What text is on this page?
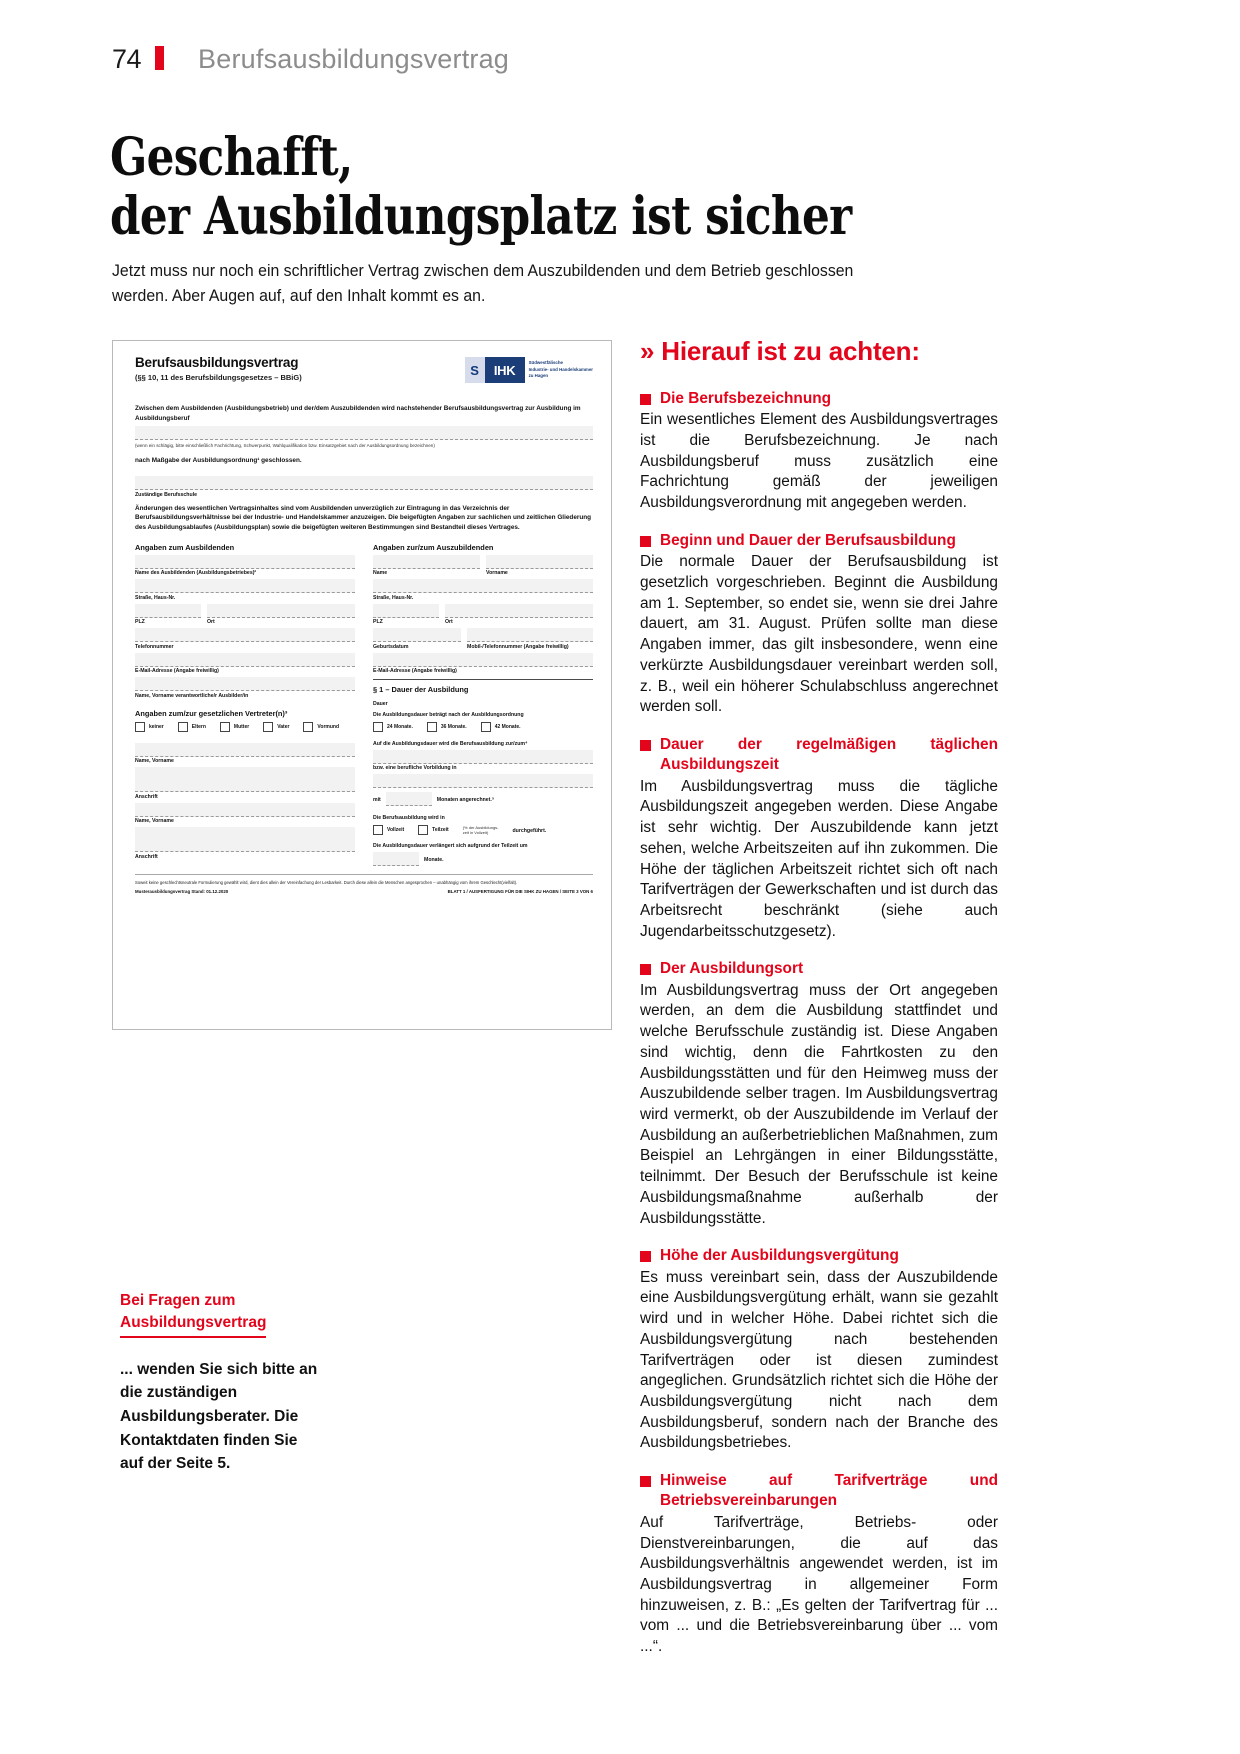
74 Berufsausbildungsvertrag
Geschafft,
der Ausbildungsplatz ist sicher
Jetzt muss nur noch ein schriftlicher Vertrag zwischen dem Auszubildenden und dem Betrieb geschlossen werden. Aber Augen auf, auf den Inhalt kommt es an.
S	IHK	Südwestfälische
Industrie- und Handelskammer
zu Hagen
Berufsausbildungsvertrag
(§§ 10, 11 des Berufsbildungsgesetzes – BBiG)
Zwischen dem Ausbildenden (Ausbildungsbetrieb) und der/dem Auszubildenden wird nachstehender Berufsausbildungsvertrag zur Ausbildung im Ausbildungsberuf
(wenn ein schlägig, bitte einschließlich Fachrichtung, Schwerpunkt, Wahlqualifikation bzw. Einsatzgebiet nach der Ausbildungsordnung bezeichnen)
nach Maßgabe der Ausbildungsordnung¹ geschlossen.
Zuständige Berufsschule
Änderungen des wesentlichen Vertragsinhaltes sind vom Ausbildenden unverzüglich zur Eintragung in das Verzeichnis der Berufsausbildungsverhältnisse bei der Industrie- und Handelskammer anzuzeigen. Die beigefügten Angaben zur sachlichen und zeitlichen Gliederung des Ausbildungsablaufes (Ausbildungsplan) sowie die beigefügten weiteren Bestimmungen sind Bestandteil dieses Vertrages.
Angaben zum Ausbildenden
Name des Ausbildenden (Ausbildungsbetriebes)²
Straße, Haus-Nr.
PLZ	Ort
Telefonnummer
E-Mail-Adresse (Angabe freiwillig)
Name, Vorname verantwortliche/r Ausbilder/in
Angaben zum/zur gesetzlichen Vertreter(n)³
keiner	Eltern	Mutter	Vater	Vormund
Name, Vorname
Anschrift
Name, Vorname
Anschrift
Angaben zur/zum Auszubildenden
Name	Vorname
Straße, Haus-Nr.
PLZ	Ort
Geburtsdatum	Mobil-/Telefonnummer (Angabe freiwillig)
E-Mail-Adresse (Angabe freiwillig)
§ 1 – Dauer der Ausbildung
Dauer
Die Ausbildungsdauer beträgt nach der Ausbildungsordnung
24 Monate.	36 Monate.	42 Monate.
Auf die Ausbildungsdauer wird die Berufsausbildung zur/zum⁴
bzw. eine berufliche Vorbildung in
mit	Monaten angerechnet.⁵
Die Berufsausbildung wird in
Vollzeit	Teilzeit
(% der Ausbildungs-
zeit in Vollzeit)	durchgeführt.
Die Ausbildungsdauer verlängert sich aufgrund der Teilzeit um
Monate.
Soweit keine geschlechtsneutrale Formulierung gewählt wird, dient dies allein der Vereinfachung der Lesbarkeit. Durch diese allein die Menschen angesprochen – unabhängig vom ihrem Geschlecht(vielfalt).
Musterausbildungsvertrag Stand: 01.12.2020	BLATT 1 / AUSFERTIGUNG FÜR DIE SIHK ZU HAGEN / SEITE 3 VON 6
Bei Fragen zum
Ausbildungsvertrag
... wenden Sie sich bitte an die zuständigen Ausbildungsberater. Die Kontaktdaten finden Sie auf der Seite 5.
» Hierauf ist zu achten:
Die Berufsbezeichnung

Ein wesentliches Element des Ausbildungsvertrages ist die Berufsbezeichnung. Je nach Ausbildungsberuf muss zusätzlich eine Fachrichtung gemäß der jeweiligen Ausbildungsverordnung mit angegeben werden.

Beginn und Dauer der Berufsausbildung

Die normale Dauer der Berufsausbildung ist gesetzlich vorgeschrieben. Beginnt die Ausbildung am 1. September, so endet sie, wenn sie drei Jahre dauert, am 31. August. Prüfen sollte man diese Angaben immer, das gilt insbesondere, wenn eine verkürzte Ausbildungsdauer vereinbart werden soll, z. B., weil ein höherer Schulabschluss angerechnet werden soll.

Dauer der regelmäßigen täglichen Ausbildungszeit

Im Ausbildungsvertrag muss die tägliche Ausbildungszeit angegeben werden. Diese Angabe ist sehr wichtig. Der Auszubildende kann jetzt sehen, welche Arbeitszeiten auf ihn zukommen. Die Höhe der täglichen Arbeitszeit richtet sich oft nach Tarifverträgen der Gewerkschaften und ist durch das Arbeitsrecht beschränkt (siehe auch Jugendarbeitsschutzgesetz).

Der Ausbildungsort

Im Ausbildungsvertrag muss der Ort angegeben werden, an dem die Ausbildung stattfindet und welche Berufsschule zuständig ist. Diese Angaben sind wichtig, denn die Fahrtkosten zu den Ausbildungsstätten und für den Heimweg muss der Auszubildende selber tragen. Im Ausbildungsvertrag wird vermerkt, ob der Auszubildende im Verlauf der Ausbildung an außerbetrieblichen Maßnahmen, zum Beispiel an Lehrgängen in einer Bildungsstätte, teilnimmt. Der Besuch der Berufsschule ist keine Ausbildungsmaßnahme außerhalb der Ausbildungsstätte.

Höhe der Ausbildungsvergütung

Es muss vereinbart sein, dass der Auszubildende eine Ausbildungsvergütung erhält, wann sie gezahlt wird und in welcher Höhe. Dabei richtet sich die Ausbildungsvergütung nach bestehenden Tarifverträgen oder ist diesen zumindest angeglichen. Grundsätzlich richtet sich die Höhe der Ausbildungsvergütung nicht nach dem Ausbildungsberuf, sondern nach der Branche des Ausbildungsbetriebes.

Hinweise auf Tarifverträge und Betriebsvereinbarungen

Auf Tarifverträge, Betriebs- oder Dienstvereinbarungen, die auf das Ausbildungsverhältnis angewendet werden, ist im Ausbildungsvertrag in allgemeiner Form hinzuweisen, z. B.: „Es gelten der Tarifvertrag für ... vom ... und die Betriebsvereinbarung über ... vom ...“.
